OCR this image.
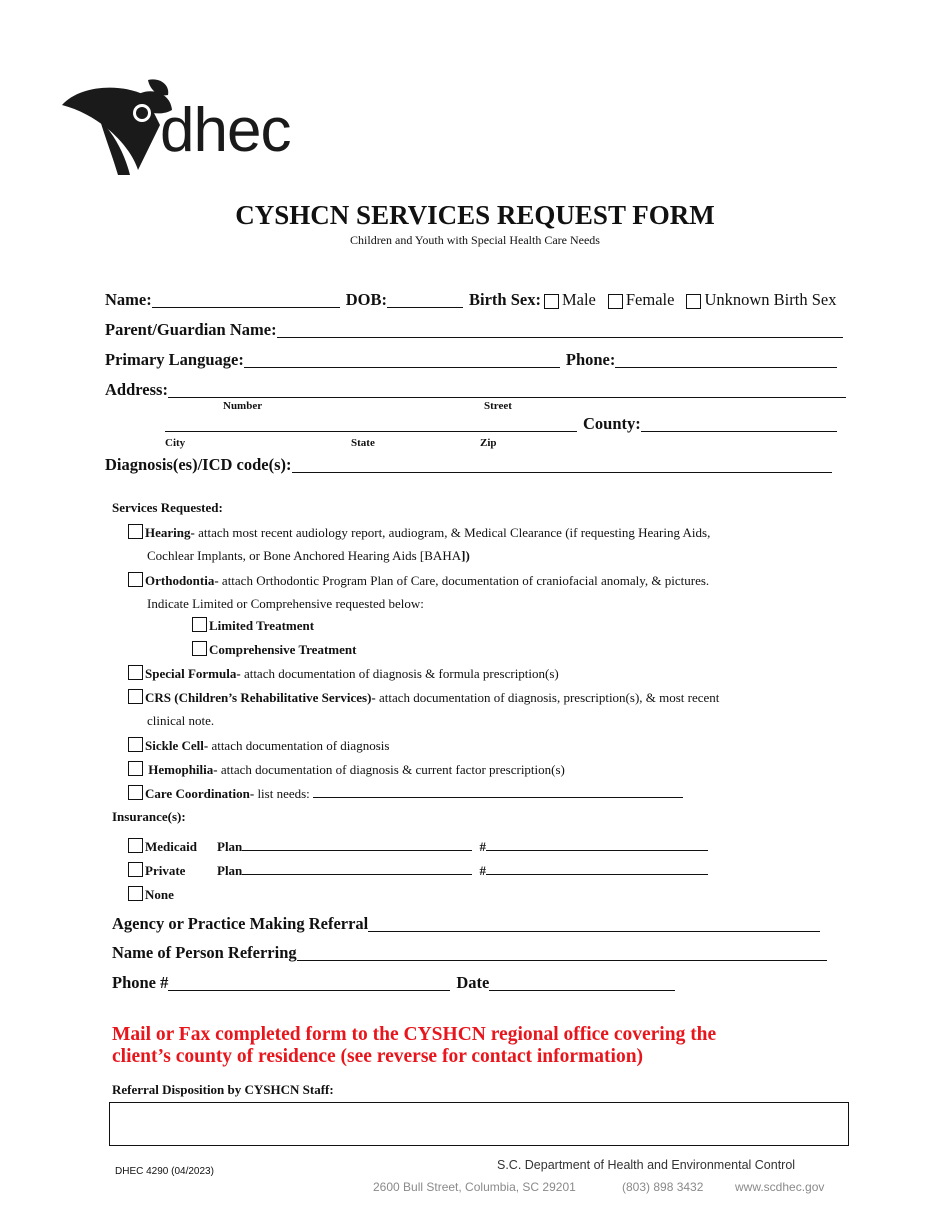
dhec
CYSHCN SERVICES REQUEST FORM
Children and Youth with Special Health Care Needs
Name:	DOB:	Birth Sex: Male Female Unknown Birth Sex
Parent/Guardian Name:
Primary Language:	Phone:
Address:
Number	Street
County:
City	State	Zip
Diagnosis(es)/ICD code(s):
Services Requested:
Hearing- attach most recent audiology report, audiogram, & Medical Clearance (if requesting Hearing Aids,
Cochlear Implants, or Bone Anchored Hearing Aids [BAHA])
Orthodontia- attach Orthodontic Program Plan of Care, documentation of craniofacial anomaly, & pictures.
Indicate Limited or Comprehensive requested below:
Limited Treatment
Comprehensive Treatment
Special Formula- attach documentation of diagnosis & formula prescription(s)
CRS (Children’s Rehabilitative Services)- attach documentation of diagnosis, prescription(s), & most recent
clinical note.
Sickle Cell- attach documentation of diagnosis
Hemophilia- attach documentation of diagnosis & current factor prescription(s)
Care Coordination- list needs:
Insurance(s):
Medicaid Plan	#
Private Plan	#
None
Agency or Practice Making Referral
Name of Person Referring
Phone #	Date
Mail or Fax completed form to the CYSHCN regional office covering the
client’s county of residence (see reverse for contact information)
Referral Disposition by CYSHCN Staff:
DHEC 4290 (04/2023)	S.C. Department of Health and Environmental Control
2600 Bull Street, Columbia, SC 29201	(803) 898 3432	www.scdhec.gov
